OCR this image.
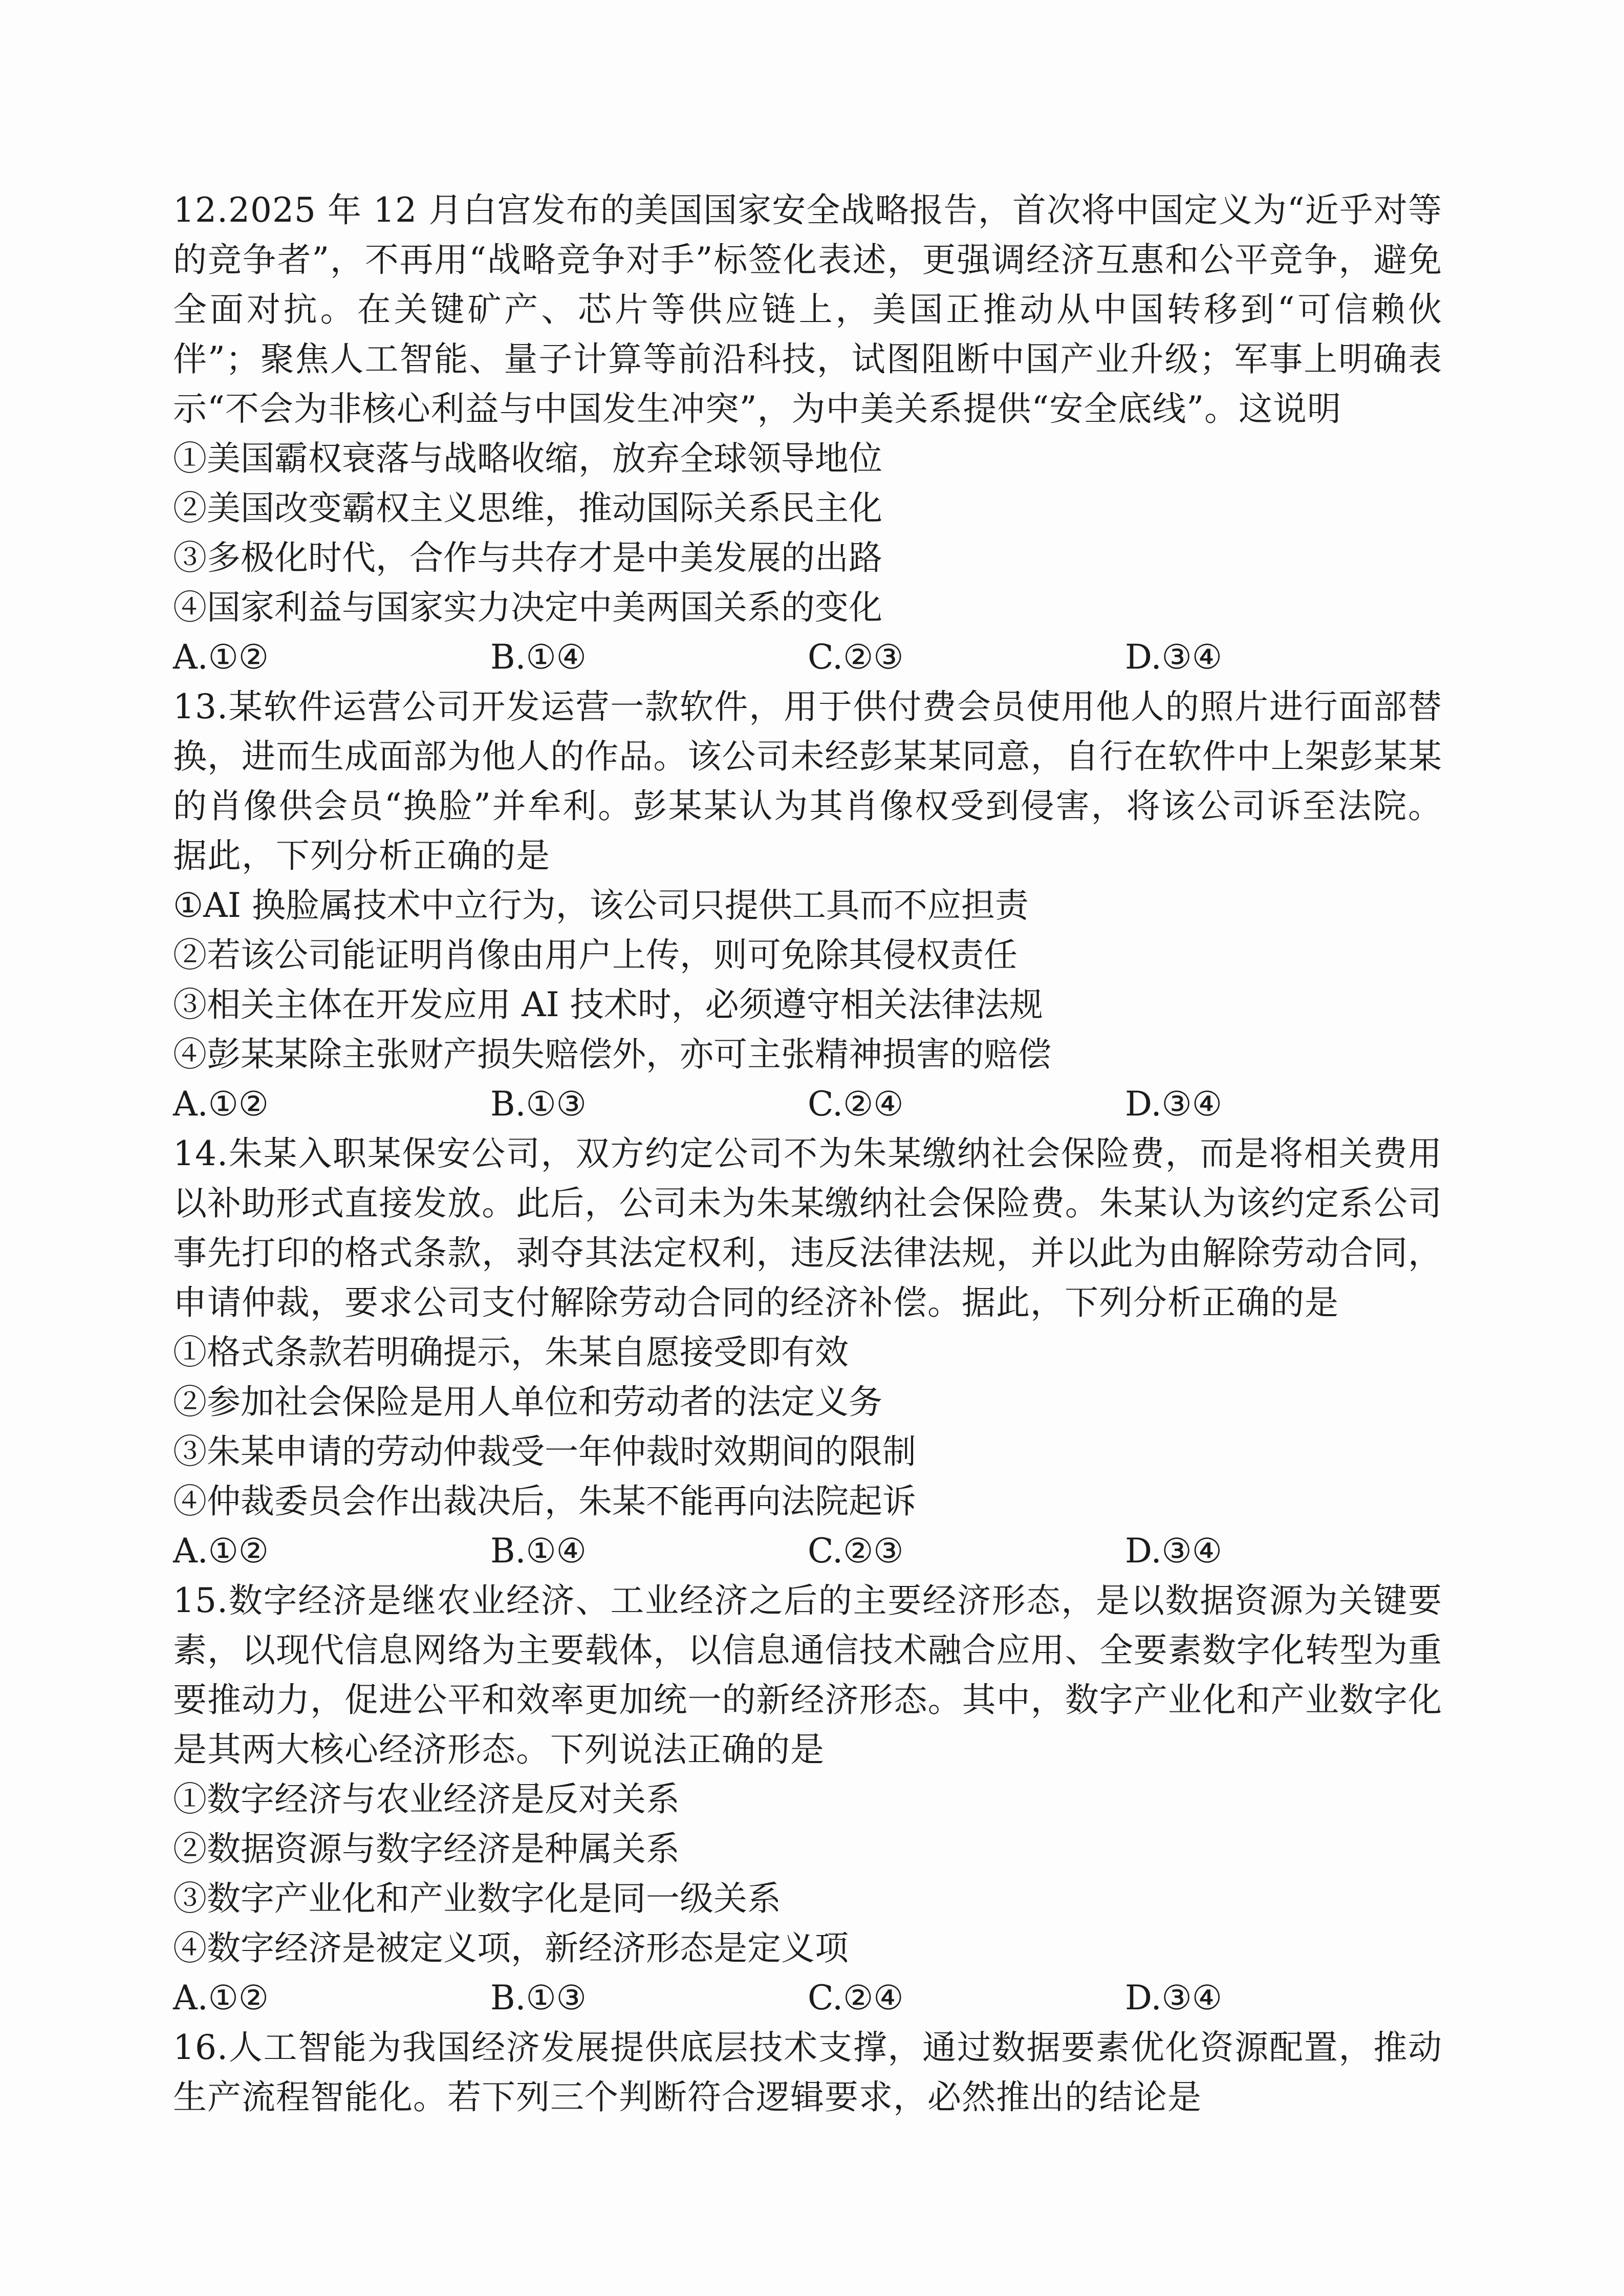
12.2025 年 12 月白宫发布的美国国家安全战略报告，首次将中国定义为“近乎对等的竞争者”，不再用“战略竞争对手”标签化表述，更强调经济互惠和公平竞争，避免全面对抗。在关键矿产、芯片等供应链上，美国正推动从中国转移到“可信赖伙伴”；聚焦人工智能、量子计算等前沿科技，试图阻断中国产业升级；军事上明确表示“不会为非核心利益与中国发生冲突”，为中美关系提供“安全底线”。这说明
①美国霸权衰落与战略收缩，放弃全球领导地位
②美国改变霸权主义思维，推动国际关系民主化
③多极化时代，合作与共存才是中美发展的出路
④国家利益与国家实力决定中美两国关系的变化
A.①②	B.①④	C.②③	D.③④
13.某软件运营公司开发运营一款软件，用于供付费会员使用他人的照片进行面部替换，进而生成面部为他人的作品。该公司未经彭某某同意，自行在软件中上架彭某某的肖像供会员“换脸”并牟利。彭某某认为其肖像权受到侵害，将该公司诉至法院。据此，下列分析正确的是
①AI 换脸属技术中立行为，该公司只提供工具而不应担责
②若该公司能证明肖像由用户上传，则可免除其侵权责任
③相关主体在开发应用 AI 技术时，必须遵守相关法律法规
④彭某某除主张财产损失赔偿外，亦可主张精神损害的赔偿
A.①②	B.①③	C.②④	D.③④
14.朱某入职某保安公司，双方约定公司不为朱某缴纳社会保险费，而是将相关费用以补助形式直接发放。此后，公司未为朱某缴纳社会保险费。朱某认为该约定系公司事先打印的格式条款，剥夺其法定权利，违反法律法规，并以此为由解除劳动合同，申请仲裁，要求公司支付解除劳动合同的经济补偿。据此，下列分析正确的是
①格式条款若明确提示，朱某自愿接受即有效
②参加社会保险是用人单位和劳动者的法定义务
③朱某申请的劳动仲裁受一年仲裁时效期间的限制
④仲裁委员会作出裁决后，朱某不能再向法院起诉
A.①②	B.①④	C.②③	D.③④
15.数字经济是继农业经济、工业经济之后的主要经济形态，是以数据资源为关键要素，以现代信息网络为主要载体，以信息通信技术融合应用、全要素数字化转型为重要推动力，促进公平和效率更加统一的新经济形态。其中，数字产业化和产业数字化是其两大核心经济形态。下列说法正确的是
①数字经济与农业经济是反对关系
②数据资源与数字经济是种属关系
③数字产业化和产业数字化是同一级关系
④数字经济是被定义项，新经济形态是定义项
A.①②	B.①③	C.②④	D.③④
16.人工智能为我国经济发展提供底层技术支撑，通过数据要素优化资源配置，推动生产流程智能化。若下列三个判断符合逻辑要求，必然推出的结论是
